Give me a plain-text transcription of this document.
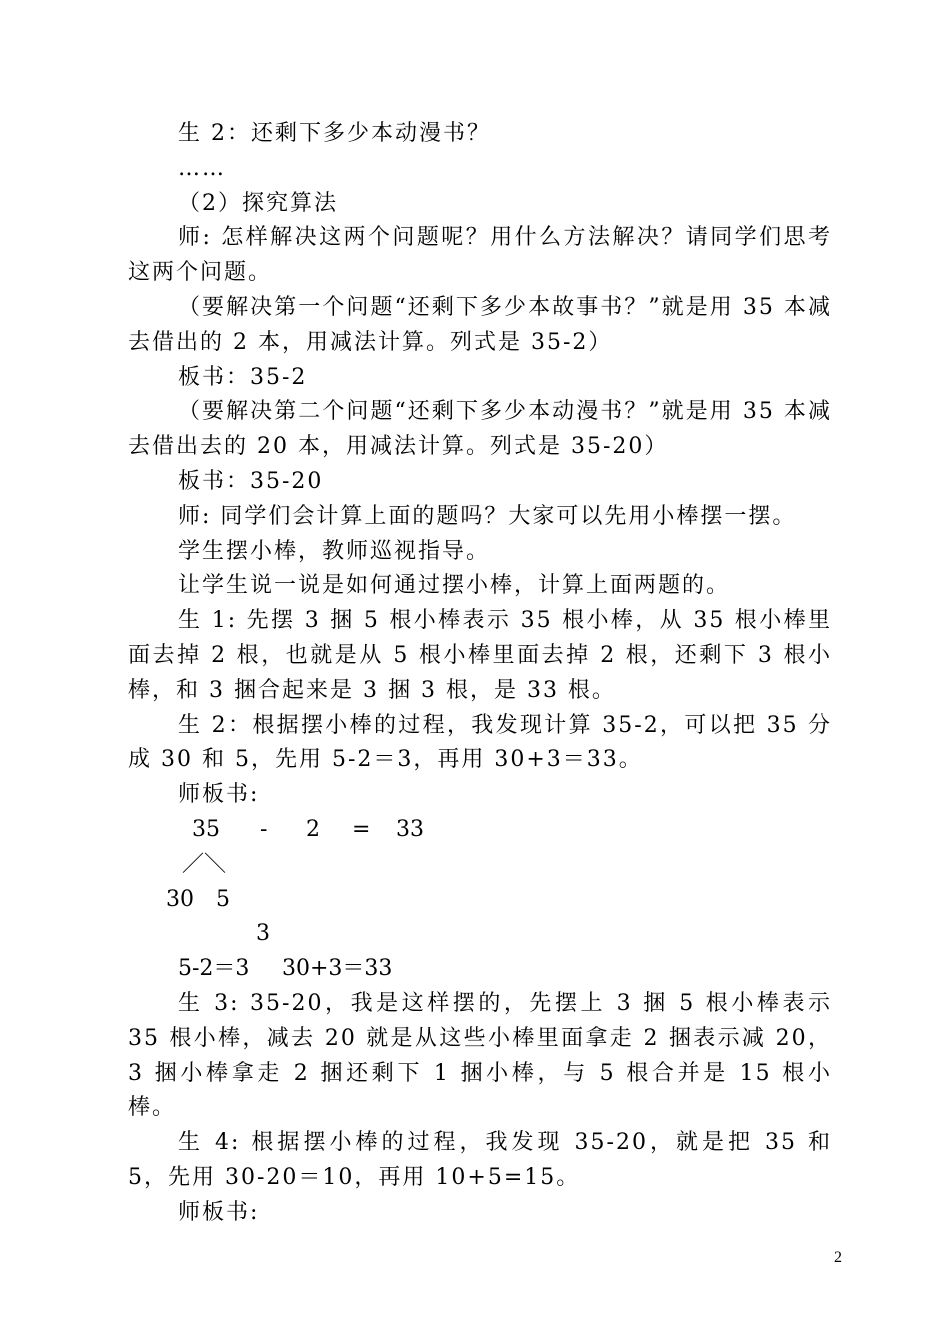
生 2：还剩下多少本动漫书？

……

（2）探究算法

师: 怎样解决这两个问题呢？用什么方法解决？请同学们思考这两个问题。

（要解决第一个问题“还剩下多少本故事书？”就是用 35 本减去借出的 2 本，用减法计算。列式是 35-2）

板书：35-2

（要解决第二个问题“还剩下多少本动漫书？”就是用 35 本减去借出去的 20 本，用减法计算。列式是 35-20）

板书：35-20

师: 同学们会计算上面的题吗？大家可以先用小棒摆一摆。

学生摆小棒，教师巡视指导。

让学生说一说是如何通过摆小棒，计算上面两题的。

生 1: 先摆 3 捆 5 根小棒表示 35 根小棒，从 35 根小棒里面去掉 2 根，也就是从 5 根小棒里面去掉 2 根，还剩下 3 根小棒，和 3 捆合起来是 3 捆 3 根，是 33 根。

生 2：根据摆小棒的过程，我发现计算 35-2，可以把 35 分成 30 和 5，先用 5-2＝3，再用 30+3＝33。

师板书:

35 - 2 = 33
／＼
30 5
3
5-2＝3 30+3＝33

生 3: 35-20，我是这样摆的，先摆上 3 捆 5 根小棒表示 35 根小棒，减去 20 就是从这些小棒里面拿走 2 捆表示减 20，3 捆小棒拿走 2 捆还剩下 1 捆小棒，与 5 根合并是 15 根小棒。

生 4: 根据摆小棒的过程，我发现 35-20，就是把 35 和 5，先用 30-20＝10，再用 10+5=15。

师板书:

2
